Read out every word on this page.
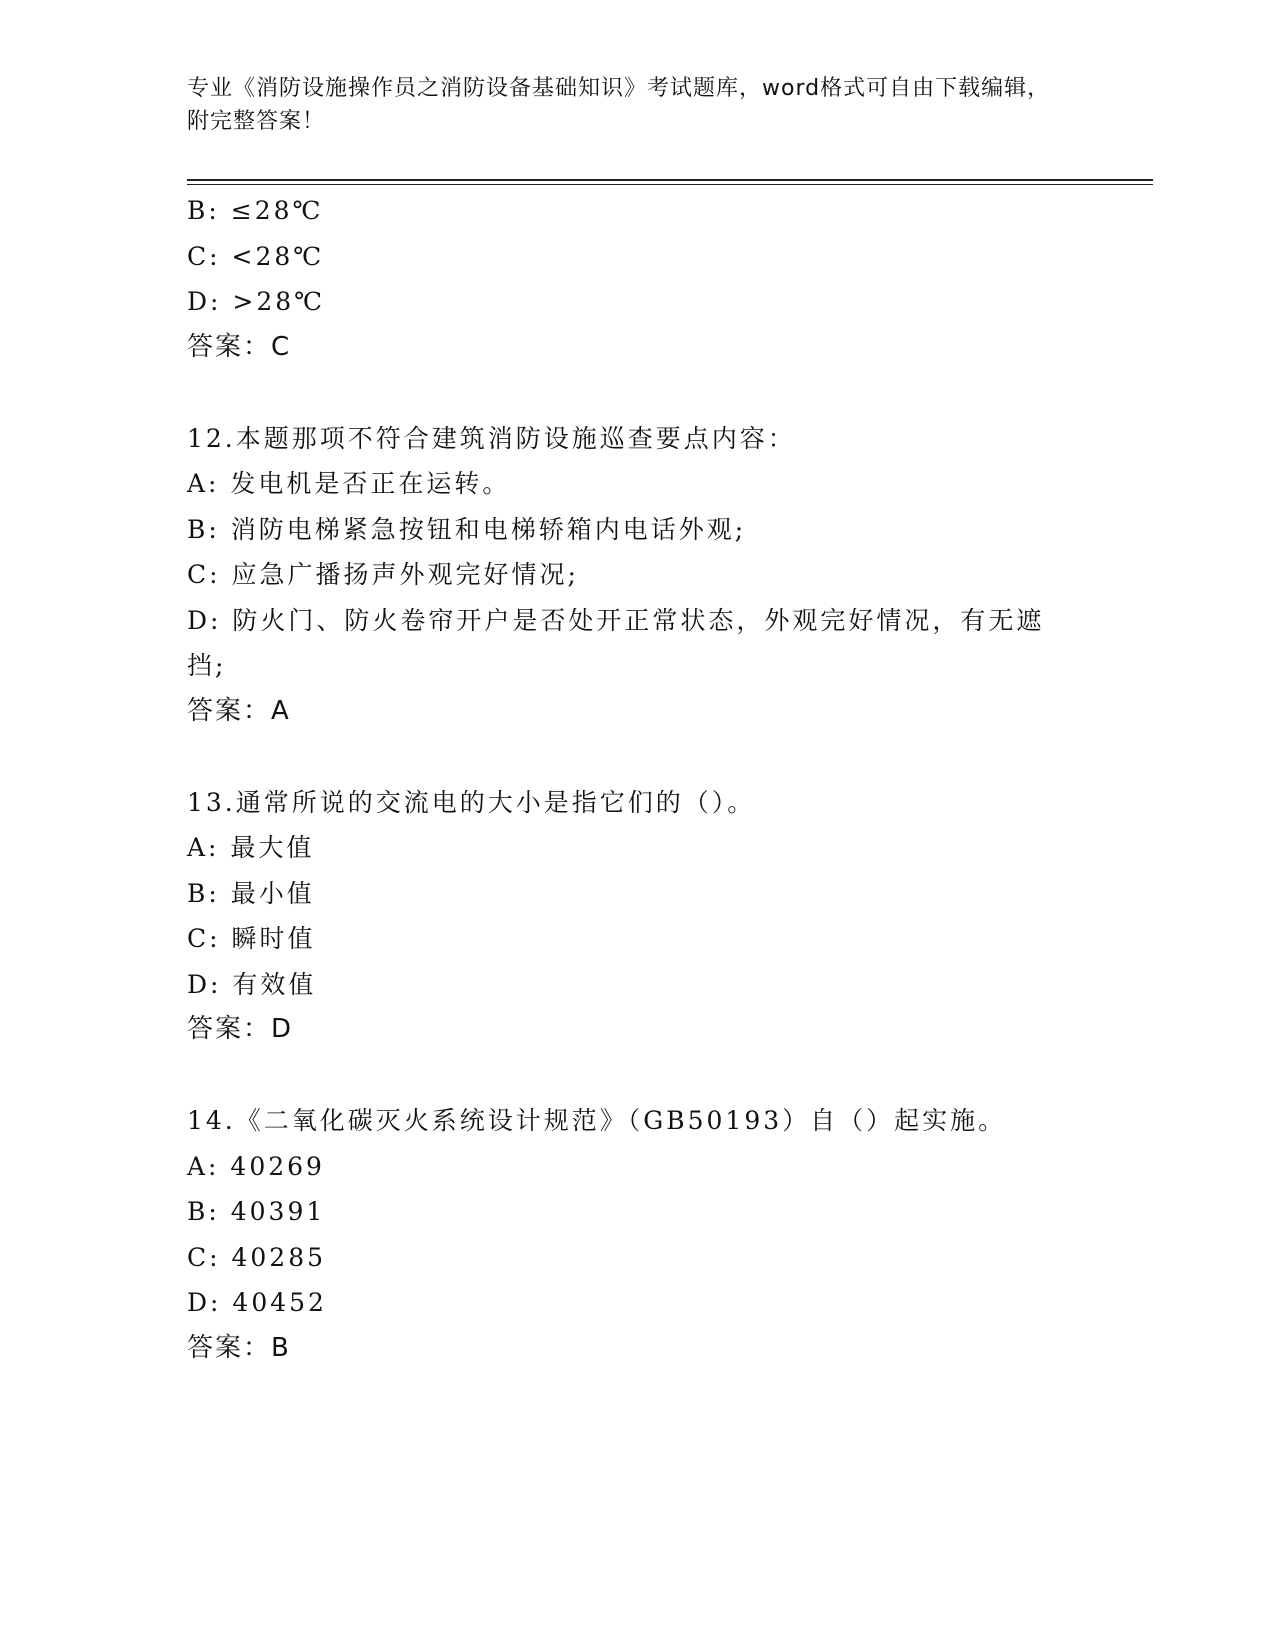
专业《消防设施操作员之消防设备基础知识》考试题库，word格式可自由下载编辑，附完整答案！
B: ≤28℃
C: <28℃
D: >28℃
答案：C
12.本题那项不符合建筑消防设施巡查要点内容：
A: 发电机是否正在运转。
B: 消防电梯紧急按钮和电梯轿箱内电话外观;
C: 应急广播扬声外观完好情况;
D: 防火门、防火卷帘开户是否处开正常状态，外观完好情况，有无遮挡;
答案：A
13.通常所说的交流电的大小是指它们的（）。
A: 最大值
B: 最小值
C: 瞬时值
D: 有效值
答案：D
14.《二氧化碳灭火系统设计规范》（GB50193）自（）起实施。
A: 40269
B: 40391
C: 40285
D: 40452
答案：B
